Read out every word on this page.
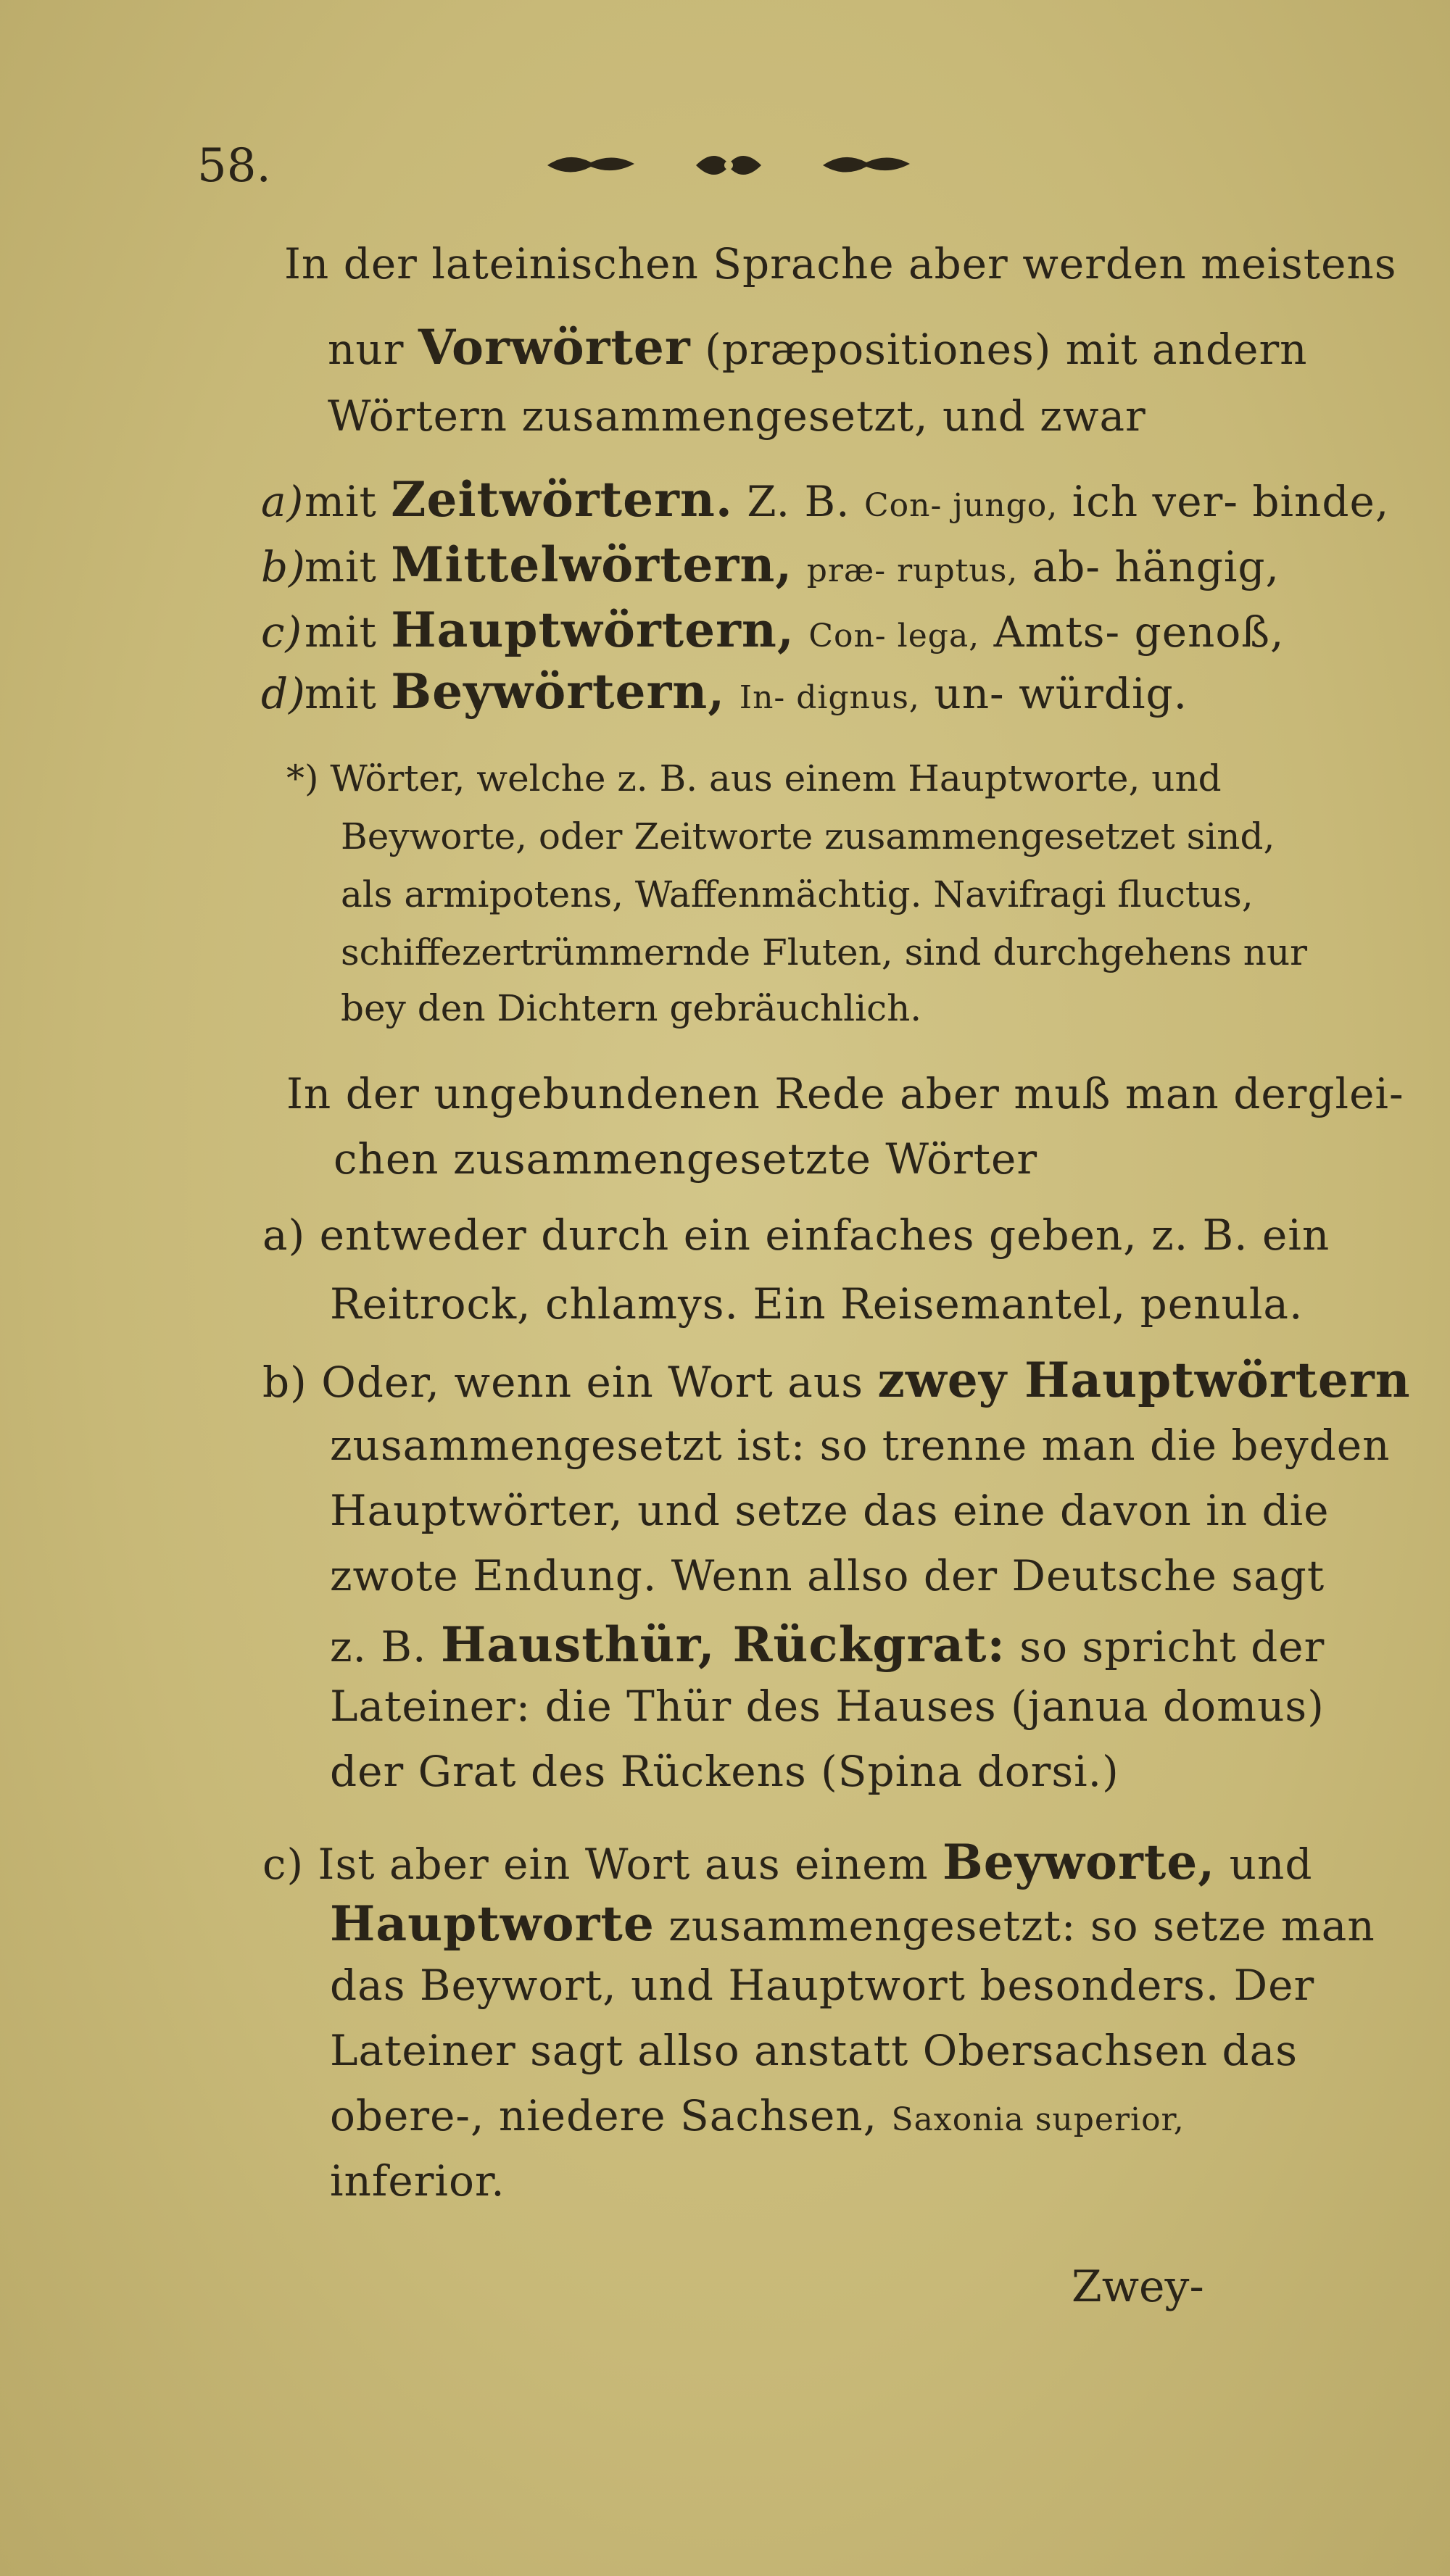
58.
In der lateinischen Sprache aber werden meistens
nur Vorwörter (præpositiones) mit andern
Wörtern zusammengesetzt, und zwar
a)mit Zeitwörtern. Z. B. Con- jungo, ich ver- binde,
b)mit Mittelwörtern, præ- ruptus, ab- hängig,
c)mit Hauptwörtern, Con- lega, Amts- genoß,
d)mit Beywörtern, In- dignus, un- würdig.
*) Wörter, welche z. B. aus einem Hauptworte, und
Beyworte, oder Zeitworte zusammengesetzet sind,
als armipotens, Waffenmächtig. Navifragi fluctus,
schiffezertrümmernde Fluten, sind durchgehens nur
bey den Dichtern gebräuchlich.
In der ungebundenen Rede aber muß man derglei-
chen zusammengesetzte Wörter
a) entweder durch ein einfaches geben, z. B. ein
Reitrock, chlamys. Ein Reisemantel, penula.
b) Oder, wenn ein Wort aus zwey Hauptwörtern
zusammengesetzt ist: so trenne man die beyden
Hauptwörter, und setze das eine davon in die
zwote Endung. Wenn allso der Deutsche sagt
z. B. Hausthür, Rückgrat: so spricht der
Lateiner: die Thür des Hauses (janua domus)
der Grat des Rückens (Spina dorsi.)
c) Ist aber ein Wort aus einem Beyworte, und
Hauptworte zusammengesetzt: so setze man
das Beywort, und Hauptwort besonders. Der
Lateiner sagt allso anstatt Obersachsen das
obere-, niedere Sachsen, Saxonia superior,
inferior.
Zwey-
